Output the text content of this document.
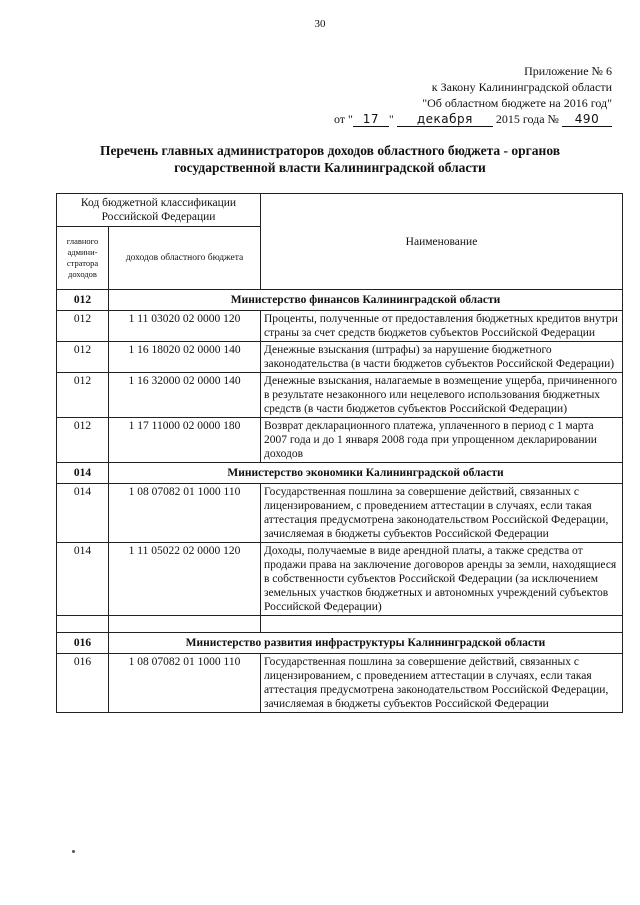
30
Приложение № 6
к Закону Калининградской области
"Об областном бюджете на 2016 год"
от " 17 " декабря 2015 года № 490
Перечень главных администраторов доходов областного бюджета - органов
государственной власти Калининградской области
Код бюджетной классификации Российской Федерации		Наименование
главного админи-стратора доходов	доходов областного бюджета	
012	Министерство финансов Калининградской области	
012	1 11 03020 02 0000 120	Проценты, полученные от предоставления бюджетных кредитов внутри страны за счет средств бюджетов субъектов Российской Федерации
012	1 16 18020 02 0000 140	Денежные взыскания (штрафы) за нарушение бюджетного законодательства (в части бюджетов субъектов Российской Федерации)
012	1 16 32000 02 0000 140	Денежные взыскания, налагаемые в возмещение ущерба, причиненного в результате незаконного или нецелевого использования бюджетных средств (в части бюджетов субъектов Российской Федерации)
012	1 17 11000 02 0000 180	Возврат декларационного платежа, уплаченного в период с 1 марта 2007 года и до 1 января 2008 года при упрощенном декларировании доходов
014	Министерство экономики Калининградской области	
014	1 08 07082 01 1000 110	Государственная пошлина за совершение действий, связанных с лицензированием, с проведением аттестации в случаях, если такая аттестация предусмотрена законодательством Российской Федерации, зачисляемая в бюджеты субъектов Российской Федерации
014	1 11 05022 02 0000 120	Доходы, получаемые в виде арендной платы, а также средства от продажи права на заключение договоров аренды за земли, находящиеся в собственности субъектов Российской Федерации (за исключением земельных участков бюджетных и автономных учреждений субъектов Российской Федерации)

016	Министерство развития инфраструктуры Калининградской области	
016	1 08 07082 01 1000 110	Государственная пошлина за совершение действий, связанных с лицензированием, с проведением аттестации в случаях, если такая аттестация предусмотрена законодательством Российской Федерации, зачисляемая в бюджеты субъектов Российской Федерации
